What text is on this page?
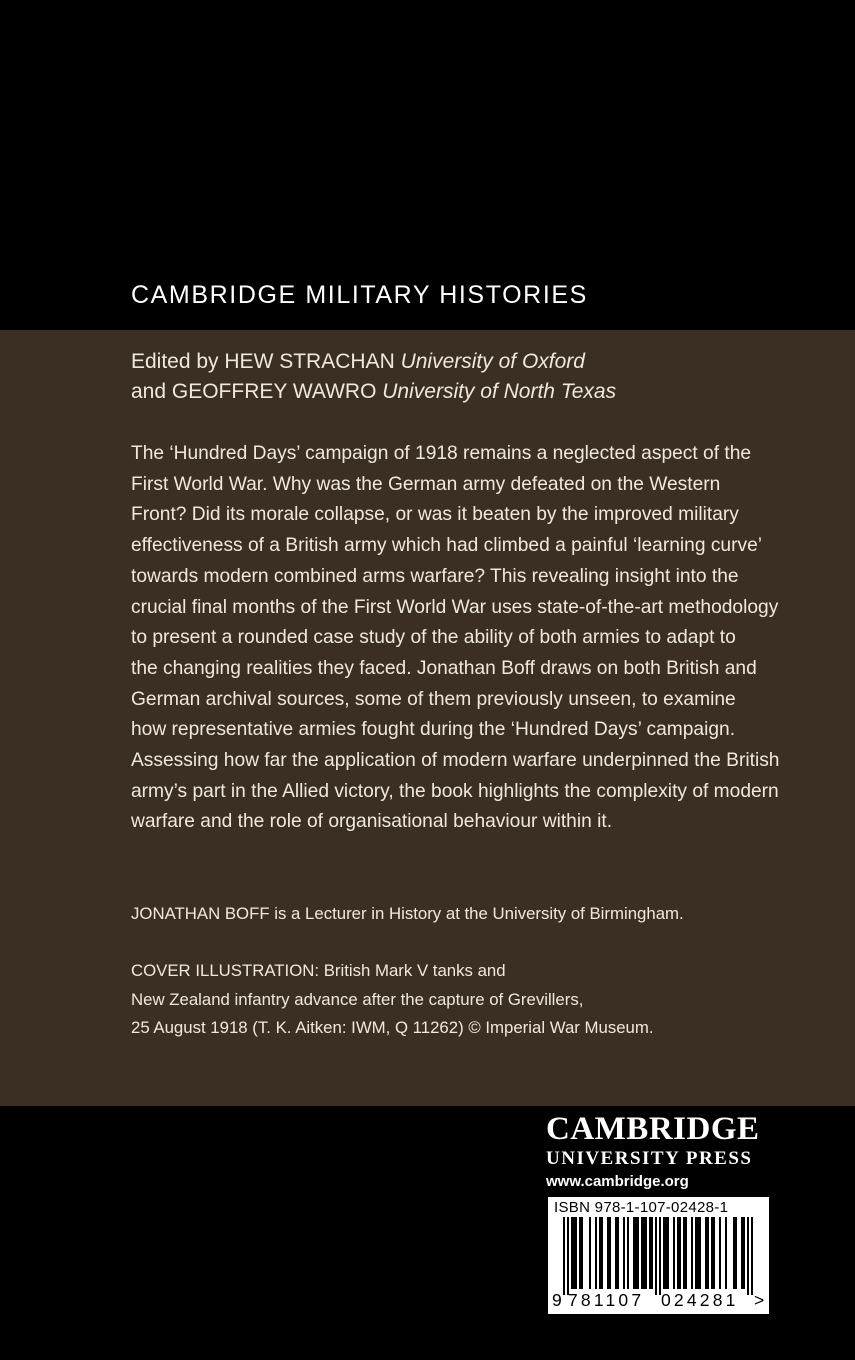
CAMBRIDGE MILITARY HISTORIES
Edited by HEW STRACHAN University of Oxford
and GEOFFREY WAWRO University of North Texas

The ‘Hundred Days’ campaign of 1918 remains a neglected aspect of the
First World War. Why was the German army defeated on the Western
Front? Did its morale collapse, or was it beaten by the improved military
effectiveness of a British army which had climbed a painful ‘learning curve’
towards modern combined arms warfare? This revealing insight into the
crucial final months of the First World War uses state-of-the-art methodology
to present a rounded case study of the ability of both armies to adapt to
the changing realities they faced. Jonathan Boff draws on both British and
German archival sources, some of them previously unseen, to examine
how representative armies fought during the ‘Hundred Days’ campaign.
Assessing how far the application of modern warfare underpinned the British
army’s part in the Allied victory, the book highlights the complexity of modern
warfare and the role of organisational behaviour within it.

JONATHAN BOFF is a Lecturer in History at the University of Birmingham.
COVER ILLUSTRATION: British Mark V tanks and
New Zealand infantry advance after the capture of Grevillers,
25 August 1918 (T. K. Aitken: IWM, Q 11262) © Imperial War Museum.
CAMBRIDGE
UNIVERSITY PRESS
www.cambridge.org
ISBN 978-1-107-02428-1
9 781107 024281 >
